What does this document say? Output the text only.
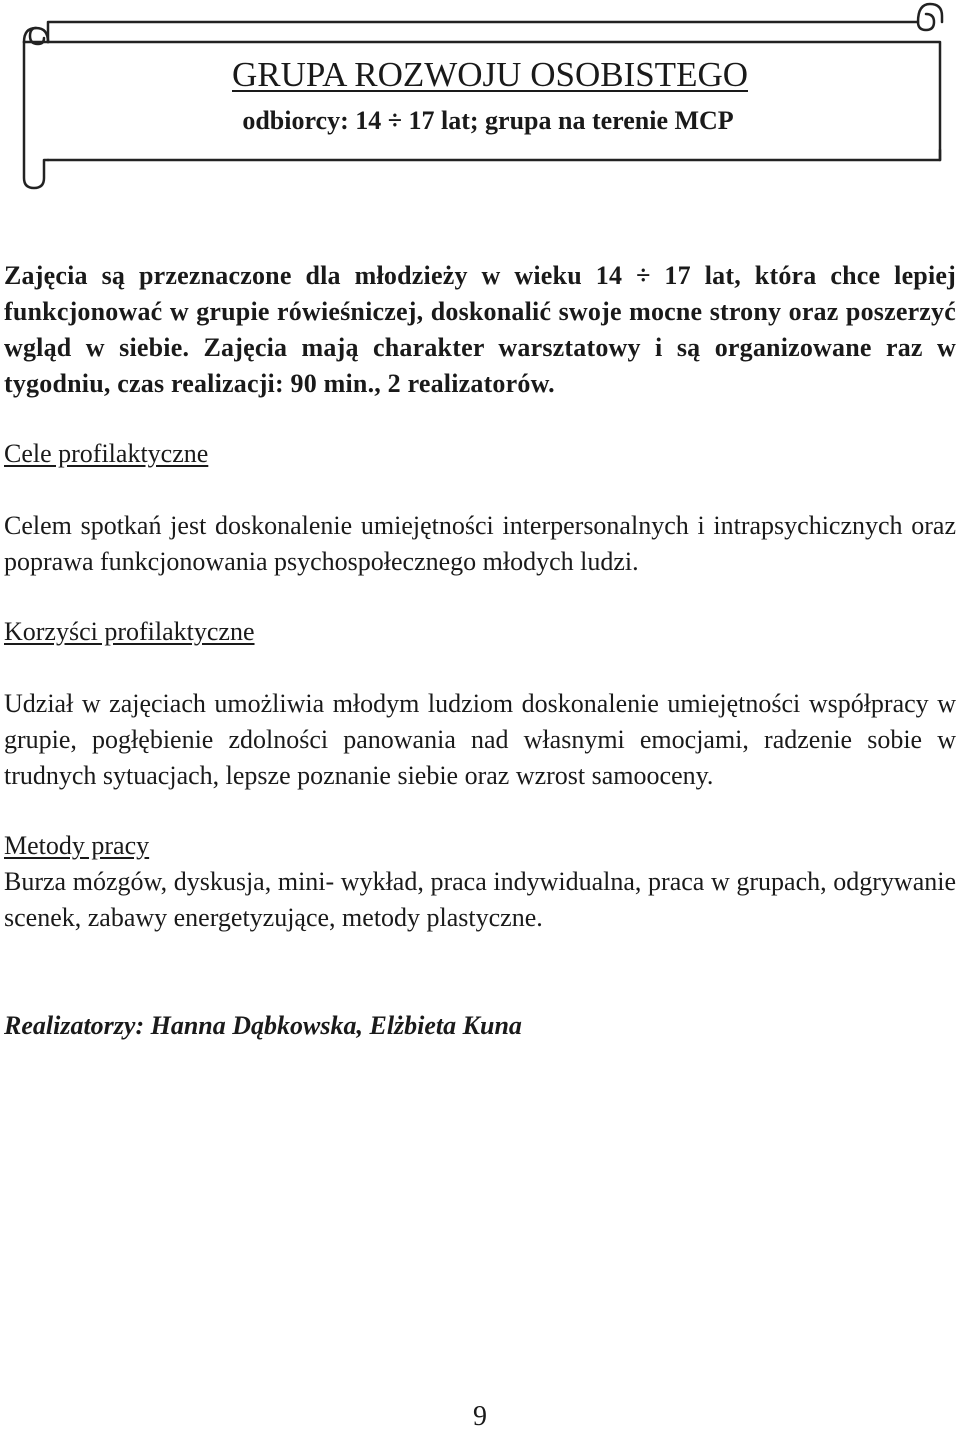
GRUPA ROZWOJU OSOBISTEGO
odbiorcy: 14 ÷ 17 lat; grupa na terenie MCP

Zajęcia są przeznaczone dla młodzieży w wieku 14 ÷ 17 lat, która chce lepiej funkcjonować w grupie rówieśniczej, doskonalić swoje mocne strony oraz poszerzyć wgląd w siebie. Zajęcia mają charakter warsztatowy i są organizowane raz w tygodniu, czas realizacji: 90 min., 2 realizatorów.

Cele profilaktyczne

Celem spotkań jest doskonalenie umiejętności interpersonalnych i intrapsychicznych oraz poprawa funkcjonowania psychospołecznego młodych ludzi.

Korzyści profilaktyczne

Udział w zajęciach umożliwia młodym ludziom doskonalenie umiejętności współpracy w grupie, pogłębienie zdolności panowania nad własnymi emocjami, radzenie sobie w trudnych sytuacjach, lepsze poznanie siebie oraz wzrost samooceny.

Metody pracy

Burza mózgów, dyskusja, mini- wykład, praca indywidualna, praca w grupach, odgrywanie scenek, zabawy energetyzujące, metody plastyczne.

Realizatorzy: Hanna Dąbkowska, Elżbieta Kuna

9
